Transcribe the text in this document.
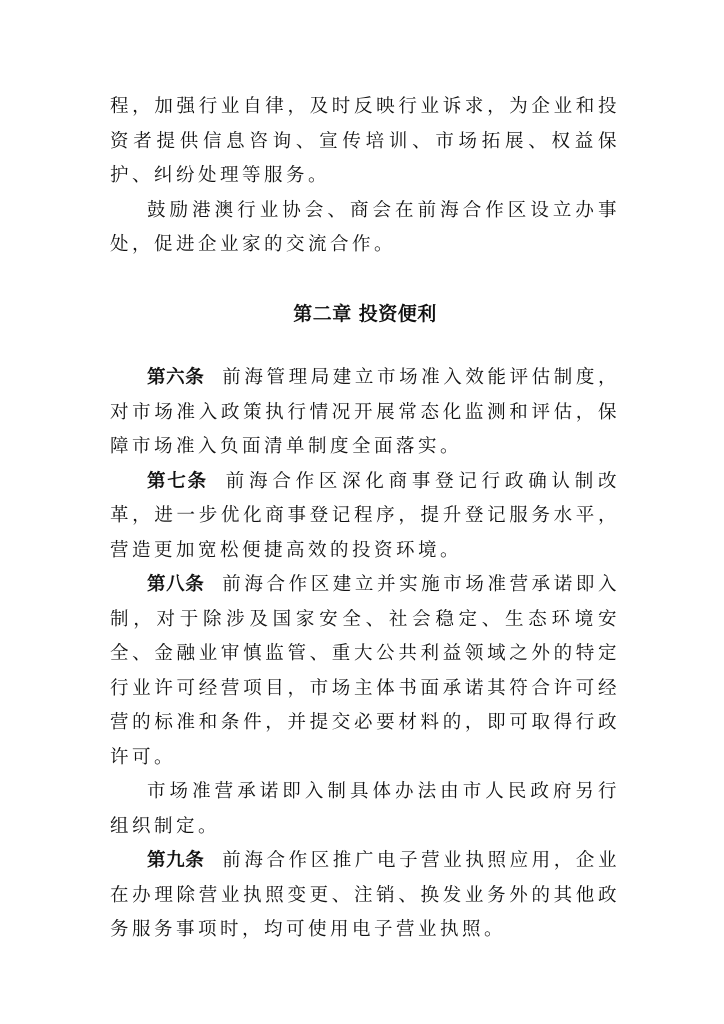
程，加强行业自律，及时反映行业诉求，为企业和投资者提供信息咨询、宣传培训、市场拓展、权益保护、纠纷处理等服务。

鼓励港澳行业协会、商会在前海合作区设立办事处，促进企业家的交流合作。

第二章 投资便利

第六条 前海管理局建立市场准入效能评估制度，对市场准入政策执行情况开展常态化监测和评估，保障市场准入负面清单制度全面落实。

第七条 前海合作区深化商事登记行政确认制改革，进一步优化商事登记程序，提升登记服务水平，营造更加宽松便捷高效的投资环境。

第八条 前海合作区建立并实施市场准营承诺即入制，对于除涉及国家安全、社会稳定、生态环境安全、金融业审慎监管、重大公共利益领域之外的特定行业许可经营项目，市场主体书面承诺其符合许可经营的标准和条件，并提交必要材料的，即可取得行政许可。

市场准营承诺即入制具体办法由市人民政府另行组织制定。

第九条 前海合作区推广电子营业执照应用，企业在办理除营业执照变更、注销、换发业务外的其他政务服务事项时，均可使用电子营业执照。
